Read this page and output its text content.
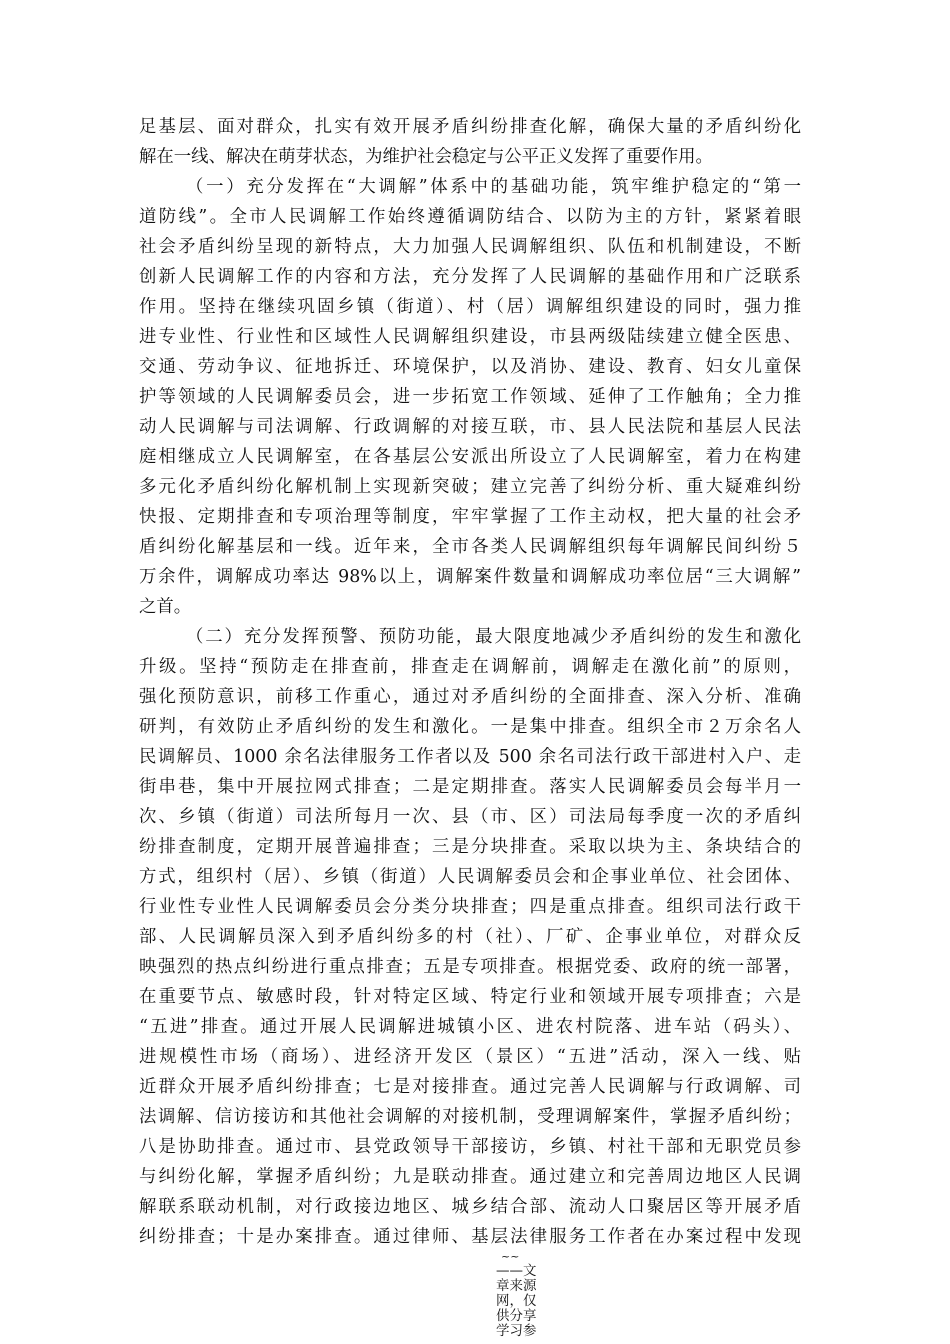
足基层、面对群众，扎实有效开展矛盾纠纷排查化解，确保大量的矛盾纠纷化
解在一线、解决在萌芽状态，为维护社会稳定与公平正义发挥了重要作用。
（一）充分发挥在“大调解”体系中的基础功能，筑牢维护稳定的“第一
道防线”。全市人民调解工作始终遵循调防结合、以防为主的方针，紧紧着眼
社会矛盾纠纷呈现的新特点，大力加强人民调解组织、队伍和机制建设，不断
创新人民调解工作的内容和方法，充分发挥了人民调解的基础作用和广泛联系
作用。坚持在继续巩固乡镇（街道）、村（居）调解组织建设的同时，强力推
进专业性、行业性和区域性人民调解组织建设，市县两级陆续建立健全医患、
交通、劳动争议、征地拆迁、环境保护，以及消协、建设、教育、妇女儿童保
护等领域的人民调解委员会，进一步拓宽工作领域、延伸了工作触角；全力推
动人民调解与司法调解、行政调解的对接互联，市、县人民法院和基层人民法
庭相继成立人民调解室，在各基层公安派出所设立了人民调解室，着力在构建
多元化矛盾纠纷化解机制上实现新突破；建立完善了纠纷分析、重大疑难纠纷
快报、定期排查和专项治理等制度，牢牢掌握了工作主动权，把大量的社会矛
盾纠纷化解基层和一线。近年来，全市各类人民调解组织每年调解民间纠纷５
万余件，调解成功率达 98%以上，调解案件数量和调解成功率位居“三大调解”
之首。
（二）充分发挥预警、预防功能，最大限度地减少矛盾纠纷的发生和激化
升级。坚持“预防走在排查前，排查走在调解前，调解走在激化前”的原则，
强化预防意识，前移工作重心，通过对矛盾纠纷的全面排查、深入分析、准确
研判，有效防止矛盾纠纷的发生和激化。一是集中排查。组织全市２万余名人
民调解员、1000 余名法律服务工作者以及 500 余名司法行政干部进村入户、走
街串巷，集中开展拉网式排查；二是定期排查。落实人民调解委员会每半月一
次、乡镇（街道）司法所每月一次、县（市、区）司法局每季度一次的矛盾纠
纷排查制度，定期开展普遍排查；三是分块排查。采取以块为主、条块结合的
方式，组织村（居）、乡镇（街道）人民调解委员会和企事业单位、社会团体、
行业性专业性人民调解委员会分类分块排查；四是重点排查。组织司法行政干
部、人民调解员深入到矛盾纠纷多的村（社）、厂矿、企事业单位，对群众反
映强烈的热点纠纷进行重点排查；五是专项排查。根据党委、政府的统一部署，
在重要节点、敏感时段，针对特定区域、特定行业和领域开展专项排查；六是
“五进”排查。通过开展人民调解进城镇小区、进农村院落、进车站（码头）、
进规模性市场（商场）、进经济开发区（景区）“五进”活动，深入一线、贴
近群众开展矛盾纠纷排查；七是对接排查。通过完善人民调解与行政调解、司
法调解、信访接访和其他社会调解的对接机制，受理调解案件，掌握矛盾纠纷；
八是协助排查。通过市、县党政领导干部接访，乡镇、村社干部和无职党员参
与纠纷化解，掌握矛盾纠纷；九是联动排查。通过建立和完善周边地区人民调
解联系联动机制，对行政接边地区、城乡结合部、流动人口聚居区等开展矛盾
纠纷排查；十是办案排查。通过律师、基层法律服务工作者在办案过程中发现
~~
——文
章来源
网，仅
供分享
学习参
